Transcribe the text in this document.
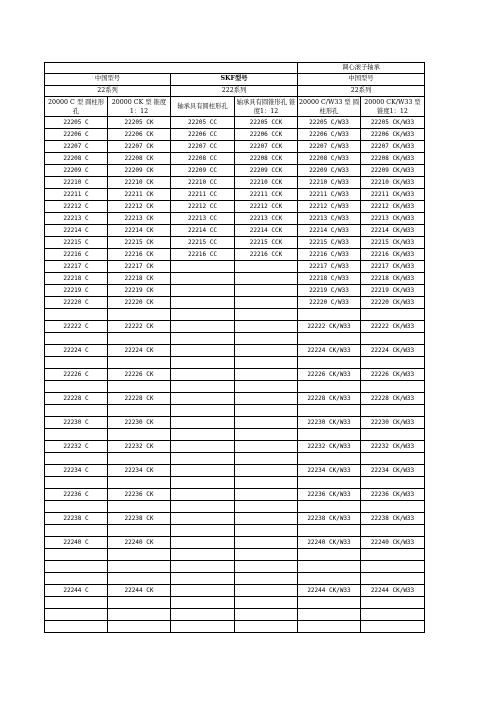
				调心滚子轴承	
中国型号		SKF型号		中国型号	
22系列		222系列		22系列	
20000 C 型 圆柱形孔	20000 CK 型 锥度1：12	轴承具有圆柱形孔	轴承具有圆锥形孔 锥度1：12	20000 C/W33 型 圆柱形孔	20000 CK/W33 型 锥度1：12
22205 C	22205 CK	22205 CC	22205 CCK	22205 C/W33	22205 CK/W33
22206 C	22206 CK	22206 CC	22206 CCK	22206 C/W33	22206 CK/W33
22207 C	22207 CK	22207 CC	22207 CCK	22207 C/W33	22207 CK/W33
22208 C	22208 CK	22208 CC	22208 CCK	22208 C/W33	22208 CK/W33
22209 C	22209 CK	22209 CC	22209 CCK	22209 C/W33	22209 CK/W33
22210 C	22210 CK	22210 CC	22210 CCK	22210 C/W33	22210 CK/W33
22211 C	22211 CK	22211 CC	22211 CCK	22211 C/W33	22211 CK/W33
22212 C	22212 CK	22212 CC	22212 CCK	22212 C/W33	22212 CK/W33
22213 C	22213 CK	22213 CC	22213 CCK	22213 C/W33	22213 CK/W33
22214 C	22214 CK	22214 CC	22214 CCK	22214 C/W33	22214 CK/W33
22215 C	22215 CK	22215 CC	22215 CCK	22215 C/W33	22215 CK/W33
22216 C	22216 CK	22216 CC	22216 CCK	22216 C/W33	22216 CK/W33
22217 C	22217 CK			22217 C/W33	22217 CK/W33
22218 C	22218 CK			22218 C/W33	22218 CK/W33
22219 C	22219 CK			22219 C/W33	22219 CK/W33
22220 C	22220 CK			22220 C/W33	22220 CK/W33

22222 C	22222 CK			22222 CK/W33	22222 CK/W33

22224 C	22224 CK			22224 CK/W33	22224 CK/W33

22226 C	22226 CK			22226 CK/W33	22226 CK/W33

22228 C	22228 CK			22228 CK/W33	22228 CK/W33

22230 C	22230 CK			22230 CK/W33	22230 CK/W33

22232 C	22232 CK			22232 CK/W33	22232 CK/W33

22234 C	22234 CK			22234 CK/W33	22234 CK/W33

22236 C	22236 CK			22236 CK/W33	22236 CK/W33

22238 C	22238 CK			22238 CK/W33	22238 CK/W33

22240 C	22240 CK			22240 CK/W33	22240 CK/W33

22244 C	22244 CK			22244 CK/W33	22244 CK/W33
